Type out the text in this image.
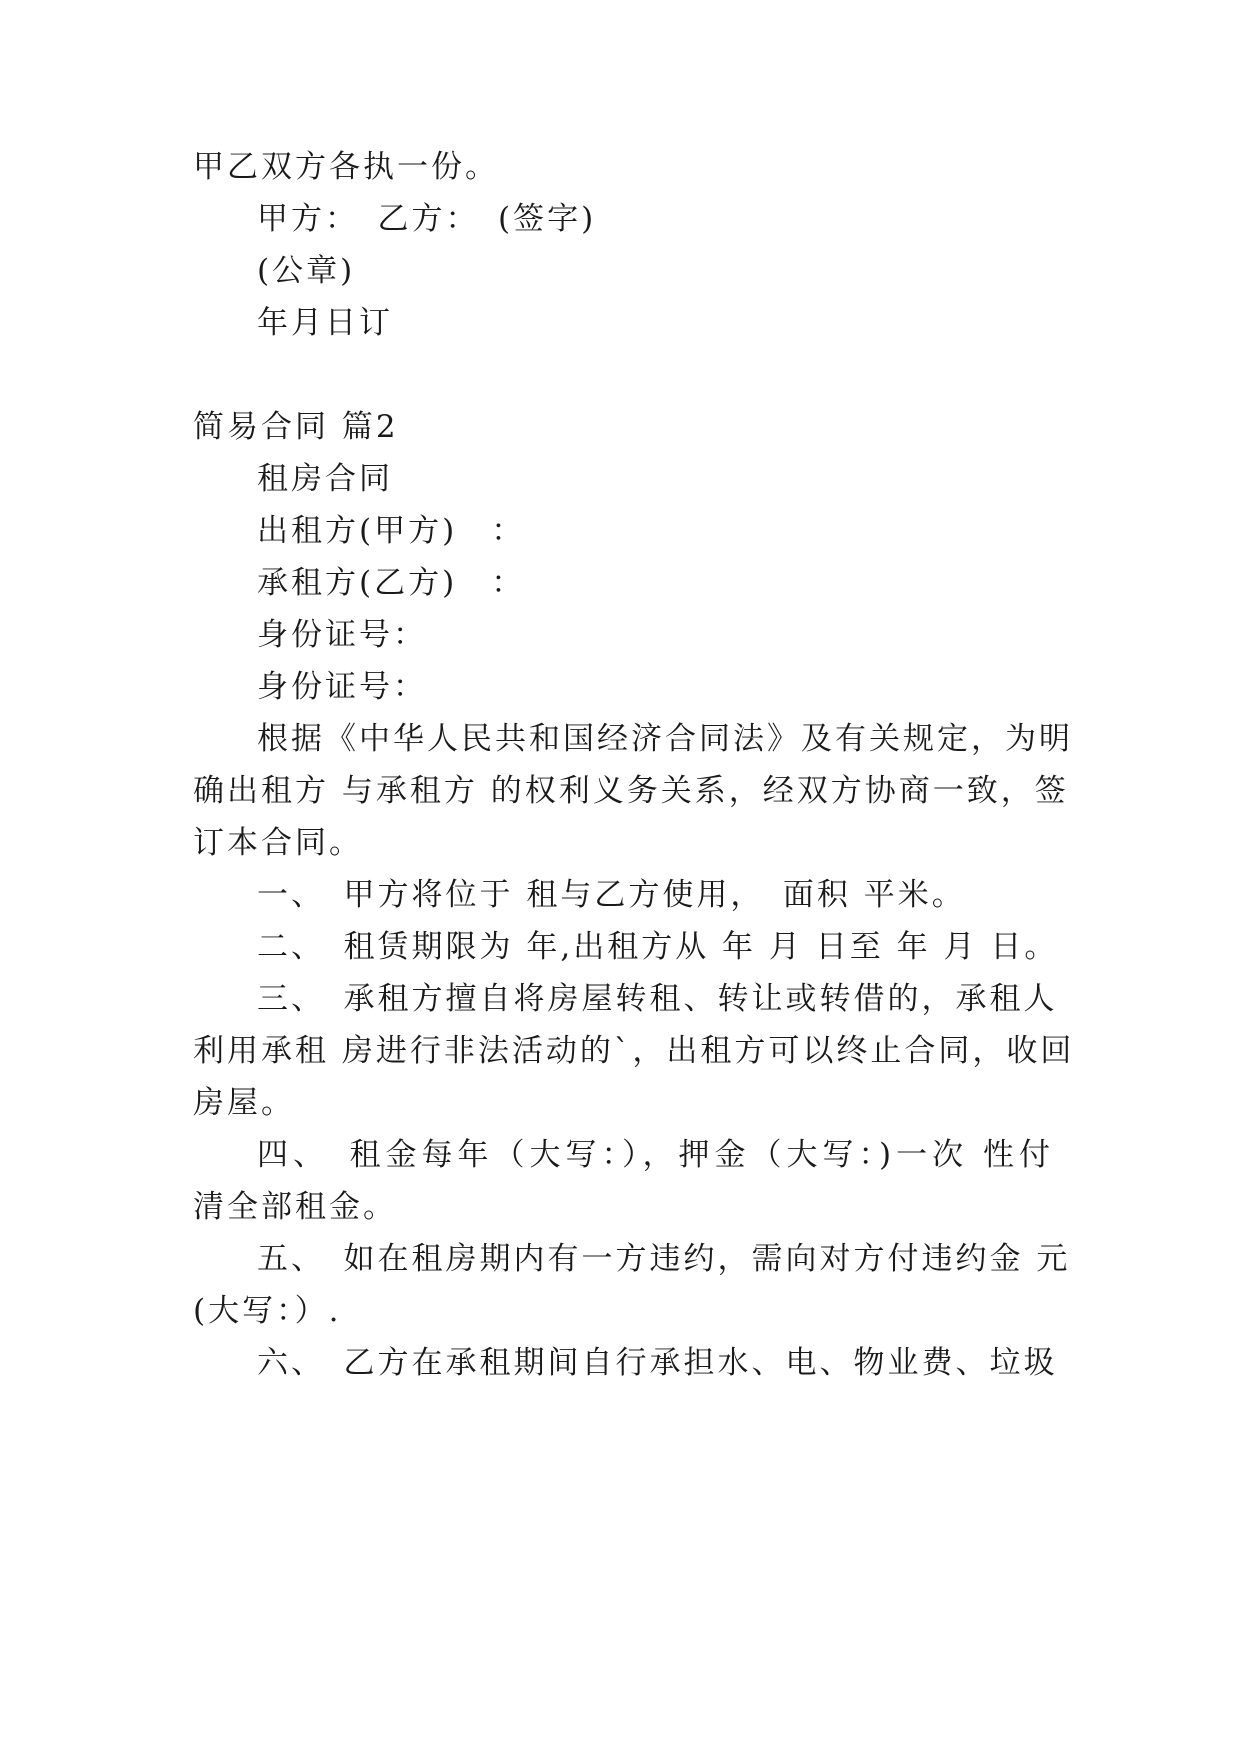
甲乙双方各执一份。
甲方：　乙方：　(签字)
(公章)
年月日订
简易合同 篇2
租房合同
出租方(甲方)　：
承租方(乙方)　：
身份证号：
身份证号：
根据《中华人民共和国经济合同法》及有关规定，为明
确出租方 与承租方 的权利义务关系，经双方协商一致，签
订本合同。
一、　甲方将位于 租与乙方使用，　面积 平米。
二、　租赁期限为 年,出租方从 年 月 日至 年 月 日。
三、　承租方擅自将房屋转租、转让或转借的，承租人
利用承租 房进行非法活动的`，出租方可以终止合同，收回
房屋。
四、　租金每年（大写：），押金（大写：)一次 性付
清全部租金。
五、　如在租房期内有一方违约，需向对方付违约金 元
(大写：）.
六、　乙方在承租期间自行承担水、电、物业费、垃圾
